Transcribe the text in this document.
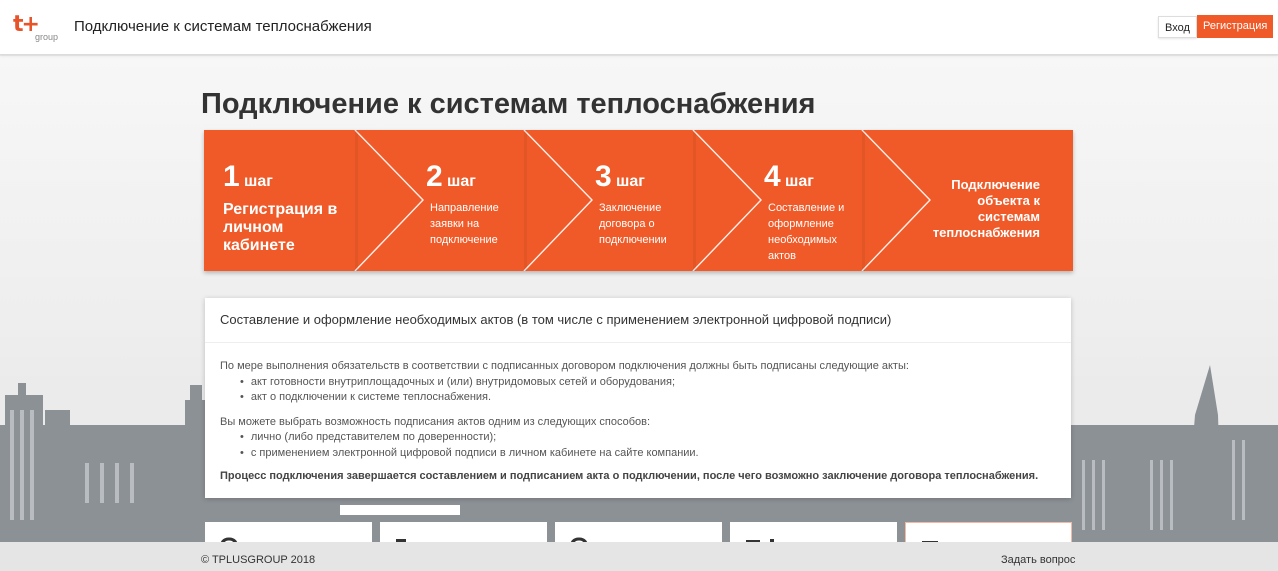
t+
group
Подключение к системам теплоснабжения	Вход	Регистрация
Подключение к системам теплоснабжения
1 шаг
Регистрация в личном кабинете
2 шаг
Направление заявки на подключение
3 шаг
Заключение договора о подключении
4 шаг
Составление и оформление необходимых актов
Подключение объекта к системам теплоснабжения
Составление и оформление необходимых актов (в том числе с применением электронной цифровой подписи)

По мере выполнения обязательств в соответствии с подписанных договором подключения должны быть подписаны следующие акты:

• акт готовности внутриплощадочных и (или) внутридомовых сетей и оборудования;
• акт о подключении к системе теплоснабжения.

Вы можете выбрать возможность подписания актов одним из следующих способов:

• лично (либо представителем по доверенности);
• с применением электронной цифровой подписи в личном кабинете на сайте компании.

Процесс подключения завершается составлением и подписанием акта о подключении, после чего возможно заключение договора теплоснабжения.

© TPLUSGROUP 2018	Задать вопрос
